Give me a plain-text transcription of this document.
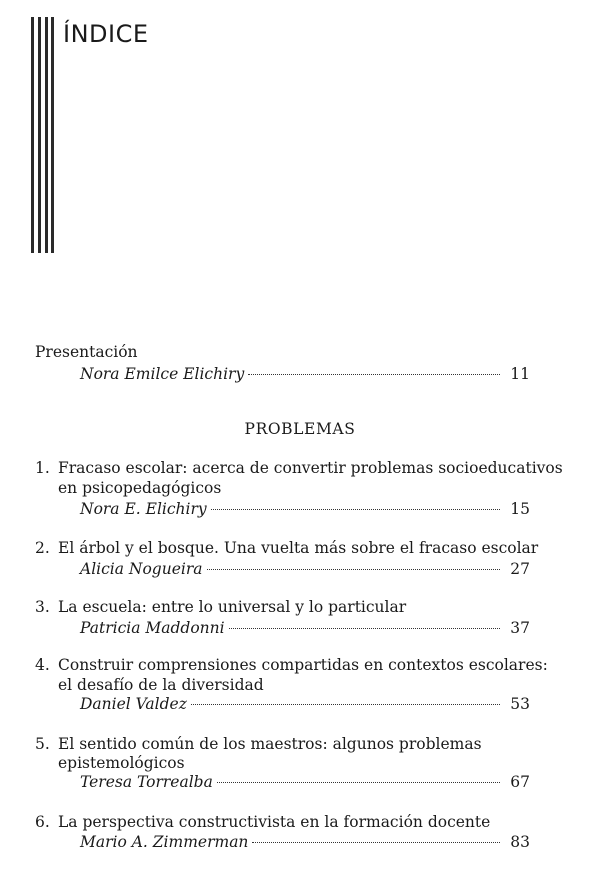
ÍNDICE
Presentación
Nora Emilce Elichiry	11
PROBLEMAS
1. Fracaso escolar: acerca de convertir problemas socioeducativos
en psicopedagógicos
Nora E. Elichiry	15
2. El árbol y el bosque. Una vuelta más sobre el fracaso escolar
Alicia Nogueira	27
3. La escuela: entre lo universal y lo particular
Patricia Maddonni	37
4. Construir comprensiones compartidas en contextos escolares:
el desafío de la diversidad
Daniel Valdez	53
5. El sentido común de los maestros: algunos problemas
epistemológicos
Teresa Torrealba	67
6. La perspectiva constructivista en la formación docente
Mario A. Zimmerman	83
